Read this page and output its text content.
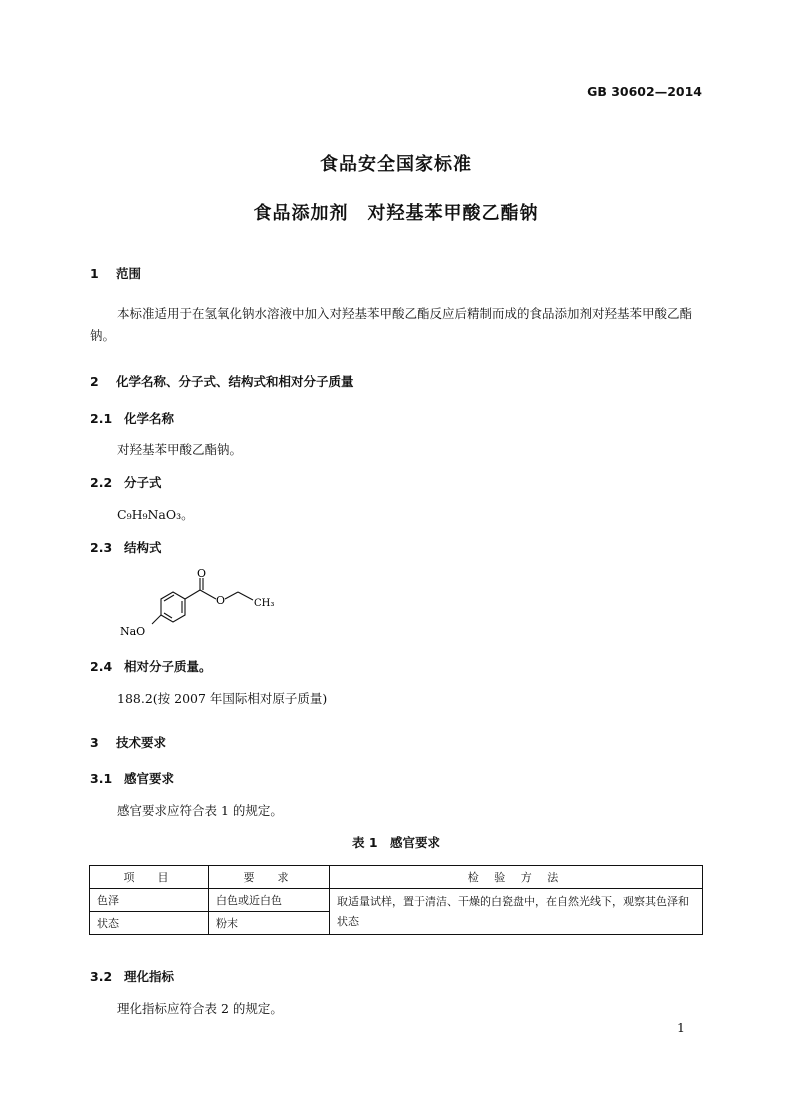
GB 30602—2014
食品安全国家标准
食品添加剂　对羟基苯甲酸乙酯钠
1 范围
本标准适用于在氢氧化钠水溶液中加入对羟基苯甲酸乙酯反应后精制而成的食品添加剂对羟基苯甲酸乙酯钠。
2 化学名称、分子式、结构式和相对分子质量
2.1 化学名称
对羟基苯甲酸乙酯钠。
2.2 分子式
C₉H₉NaO₃。
2.3 结构式
O
O	CH₃
NaO
2.4 相对分子质量。
188.2(按 2007 年国际相对原子质量)
3 技术要求
3.1 感官要求
感官要求应符合表 1 的规定。
表 1　感官要求
项　目	要　求	检 验 方 法
色泽	白色或近白色	取适量试样，置于清洁、干燥的白瓷盘中，在自然光线下，观察其色泽和状态
状态	粉末	
3.2 理化指标
理化指标应符合表 2 的规定。
1
